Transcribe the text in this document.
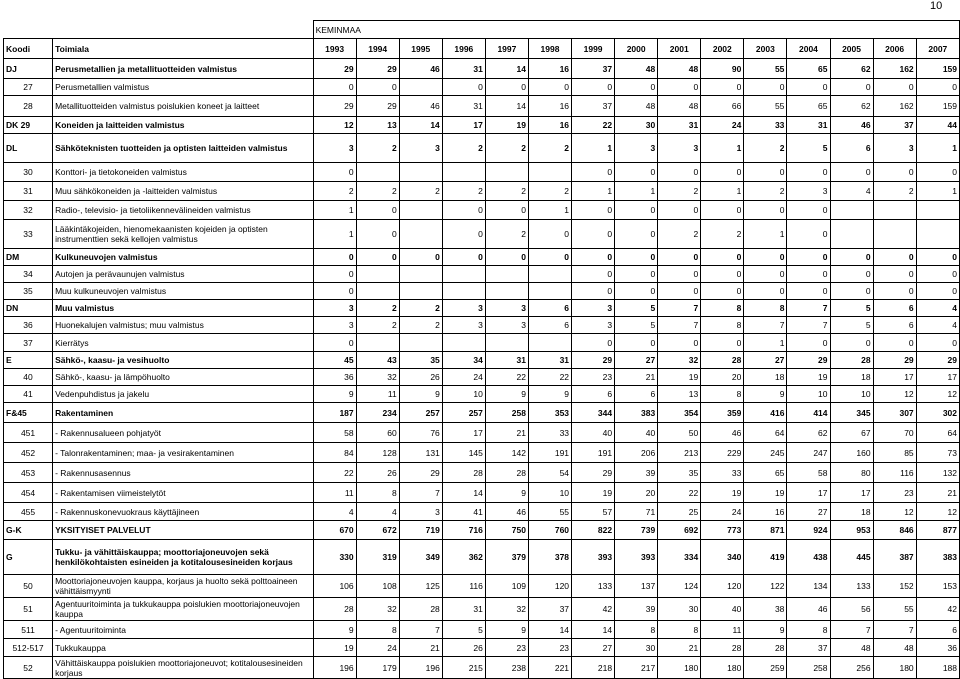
10
		KEMINMAA														
Koodi	Toimiala	1993	1994	1995	1996	1997	1998	1999	2000	2001	2002	2003	2004	2005	2006	2007
DJ	Perusmetallien ja metallituotteiden valmistus	29	29	46	31	14	16	37	48	48	90	55	65	62	162	159
27	Perusmetallien valmistus	0	0		0	0	0	0	0	0	0	0	0	0	0	0
28	Metallituotteiden valmistus poislukien koneet ja laitteet	29	29	46	31	14	16	37	48	48	66	55	65	62	162	159
DK 29	Koneiden ja laitteiden valmistus	12	13	14	17	19	16	22	30	31	24	33	31	46	37	44
DL	Sähköteknisten tuotteiden ja optisten laitteiden valmistus	3	2	3	2	2	2	1	3	3	1	2	5	6	3	1
30	Konttori- ja tietokoneiden valmistus	0						0	0	0	0	0	0	0	0	0
31	Muu sähkökoneiden ja -laitteiden valmistus	2	2	2	2	2	2	1	1	2	1	2	3	4	2	1
32	Radio-, televisio- ja tietoliikennevälineiden valmistus	1	0		0	0	1	0	0	0	0	0	0			
33	Lääkintäkojeiden, hienomekaanisten kojeiden ja optisten instrumenttien sekä kellojen valmistus	1	0		0	2	0	0	0	2	2	1	0			
DM	Kulkuneuvojen valmistus	0	0	0	0	0	0	0	0	0	0	0	0	0	0	0
34	Autojen ja perävaunujen valmistus	0						0	0	0	0	0	0	0	0	0
35	Muu kulkuneuvojen valmistus	0						0	0	0	0	0	0	0	0	0
DN	Muu valmistus	3	2	2	3	3	6	3	5	7	8	8	7	5	6	4
36	Huonekalujen valmistus; muu valmistus	3	2	2	3	3	6	3	5	7	8	7	7	5	6	4
37	Kierrätys	0						0	0	0	0	1	0	0	0	0
E	Sähkö-, kaasu- ja vesihuolto	45	43	35	34	31	31	29	27	32	28	27	29	28	29	29
40	Sähkö-, kaasu- ja lämpöhuolto	36	32	26	24	22	22	23	21	19	20	18	19	18	17	17
41	Vedenpuhdistus ja jakelu	9	11	9	10	9	9	6	6	13	8	9	10	10	12	12
F&45	Rakentaminen	187	234	257	257	258	353	344	383	354	359	416	414	345	307	302
451	- Rakennusalueen pohjatyöt	58	60	76	17	21	33	40	40	50	46	64	62	67	70	64
452	- Talonrakentaminen; maa- ja vesirakentaminen	84	128	131	145	142	191	191	206	213	229	245	247	160	85	73
453	- Rakennusasennus	22	26	29	28	28	54	29	39	35	33	65	58	80	116	132
454	- Rakentamisen viimeistelytöt	11	8	7	14	9	10	19	20	22	19	19	17	17	23	21
455	- Rakennuskonevuokraus käyttäjineen	4	4	3	41	46	55	57	71	25	24	16	27	18	12	12
G-K	YKSITYISET PALVELUT	670	672	719	716	750	760	822	739	692	773	871	924	953	846	877
G	Tukku- ja vähittäiskauppa; moottoriajoneuvojen sekä henkilökohtaisten esineiden ja kotitalousesineiden korjaus	330	319	349	362	379	378	393	393	334	340	419	438	445	387	383
50	Moottoriajoneuvojen kauppa, korjaus ja huolto sekä polttoaineen vähittäismyynti	106	108	125	116	109	120	133	137	124	120	122	134	133	152	153
51	Agentuuritoiminta ja tukkukauppa poislukien moottoriajoneuvojen kauppa	28	32	28	31	32	37	42	39	30	40	38	46	56	55	42
511	- Agentuuritoiminta	9	8	7	5	9	14	14	8	8	11	9	8	7	7	6
512-517	Tukkukauppa	19	24	21	26	23	23	27	30	21	28	28	37	48	48	36
52	Vähittäiskauppa poislukien moottoriajoneuvot; kotitalousesineiden korjaus	196	179	196	215	238	221	218	217	180	180	259	258	256	180	188
